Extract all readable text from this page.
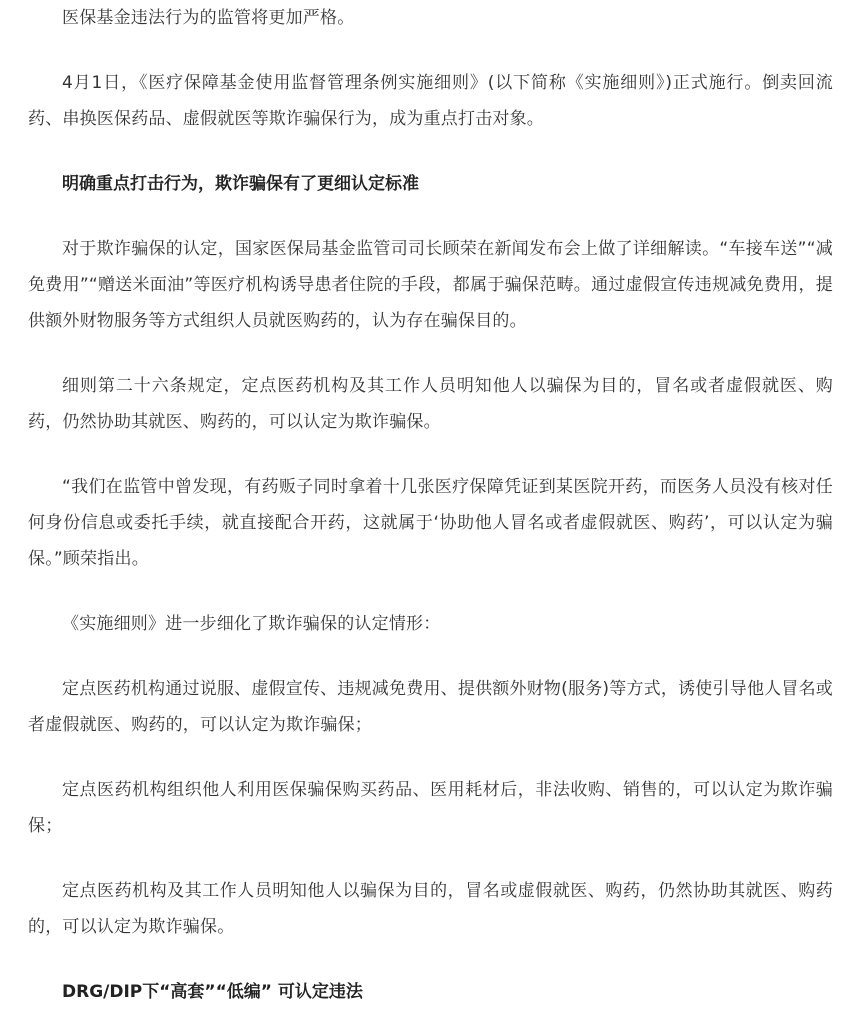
医保基金违法行为的监管将更加严格。

4月1日，《医疗保障基金使用监督管理条例实施细则》(以下简称《实施细则》)正式施行。倒卖回流药、串换医保药品、虚假就医等欺诈骗保行为，成为重点打击对象。

明确重点打击行为，欺诈骗保有了更细认定标准

对于欺诈骗保的认定，国家医保局基金监管司司长顾荣在新闻发布会上做了详细解读。“车接车送”“减免费用”“赠送米面油”等医疗机构诱导患者住院的手段，都属于骗保范畴。通过虚假宣传违规减免费用，提供额外财物服务等方式组织人员就医购药的，认为存在骗保目的。

细则第二十六条规定，定点医药机构及其工作人员明知他人以骗保为目的，冒名或者虚假就医、购药，仍然协助其就医、购药的，可以认定为欺诈骗保。

“我们在监管中曾发现，有药贩子同时拿着十几张医疗保障凭证到某医院开药，而医务人员没有核对任何身份信息或委托手续，就直接配合开药，这就属于‘协助他人冒名或者虚假就医、购药’，可以认定为骗保。”顾荣指出。

《实施细则》进一步细化了欺诈骗保的认定情形：

定点医药机构通过说服、虚假宣传、违规减免费用、提供额外财物(服务)等方式，诱使引导他人冒名或者虚假就医、购药的，可以认定为欺诈骗保；

定点医药机构组织他人利用医保骗保购买药品、医用耗材后，非法收购、销售的，可以认定为欺诈骗保；

定点医药机构及其工作人员明知他人以骗保为目的，冒名或虚假就医、购药，仍然协助其就医、购药的，可以认定为欺诈骗保。

DRG/DIP下“高套”“低编” 可认定违法
